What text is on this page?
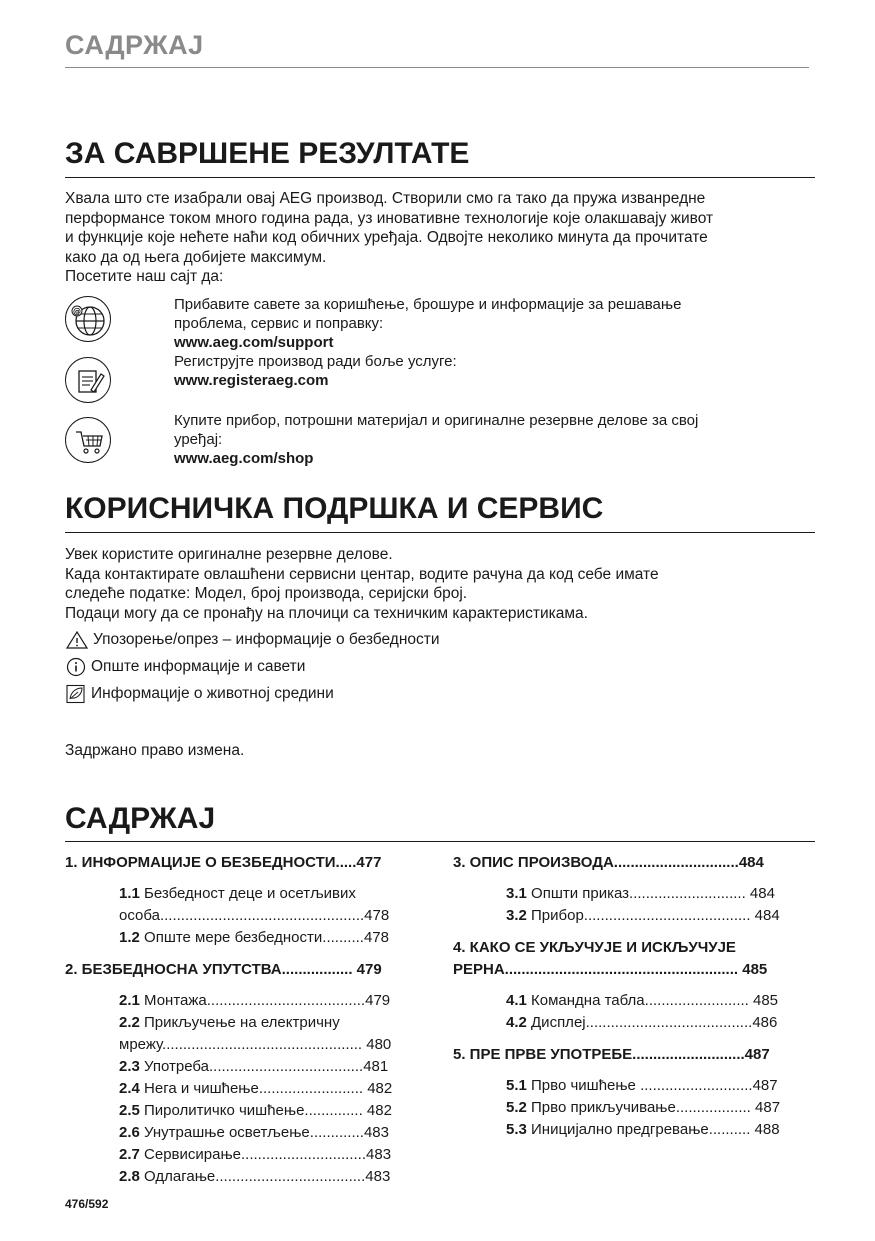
САДРЖАЈ
ЗА САВРШЕНЕ РЕЗУЛТАТЕ
Хвала што сте изабрали овај AEG производ. Створили смо га тако да пружа изванредне
перформансе током много година рада, уз иновативне технологије које олакшавају живот
и функције које нећете наћи код обичних уређаја. Одвојте неколико минута да прочитате
како да од њега добијете максимум.
Посетите наш сајт да:
@	Прибавите савете за коришћење, брошуре и информације за решавање
проблема, сервис и поправку:
www.aeg.com/support
Региструјте производ ради боље услуге:
www.registeraeg.com
Купите прибор, потрошни материјал и оригиналне резервне делове за свој
уређај:
www.aeg.com/shop
КОРИСНИЧКА ПОДРШКА И СЕРВИС
Увек користите оригиналне резервне делове.
Када контактирате овлашћени сервисни центар, водите рачуна да код себе имате
следеће податке: Модел, број производа, серијски број.
Подаци могу да се пронађу на плочици са техничким карактеристикама.
Упозорење/опрез – информације о безбедности
Опште информације и савети
Информације о животној средини
Задржано право измена.
САДРЖАЈ
1. ИНФОРМАЦИЈЕ О БЕЗБЕДНОСТИ.....477
1.1 Безбедност деце и осетљивих
особа.................................................478
1.2 Опште мере безбедности..........478
2. БЕЗБЕДНОСНА УПУТСТВА................. 479
2.1 Монтажа......................................479
2.2 Прикључење на електричну
мрежу................................................ 480
2.3 Употреба.....................................481
2.4 Нега и чишћење......................... 482
2.5 Пиролитичко чишћење.............. 482
2.6 Унутрашње осветљење.............483
2.7 Сервисирање..............................483
2.8 Одлагање....................................483
3. ОПИС ПРОИЗВОДА..............................484
3.1 Општи приказ............................ 484
3.2 Прибор........................................ 484
4. КАКО СЕ УКЉУЧУЈЕ И ИСКЉУЧУЈЕ
РЕРНА........................................................ 485
4.1 Командна табла......................... 485
4.2 Дисплеј........................................486
5. ПРЕ ПРВЕ УПОТРЕБЕ...........................487
5.1 Прво чишћење ...........................487
5.2 Прво прикључивање.................. 487
5.3 Иницијално предгревање.......... 488
476/592
